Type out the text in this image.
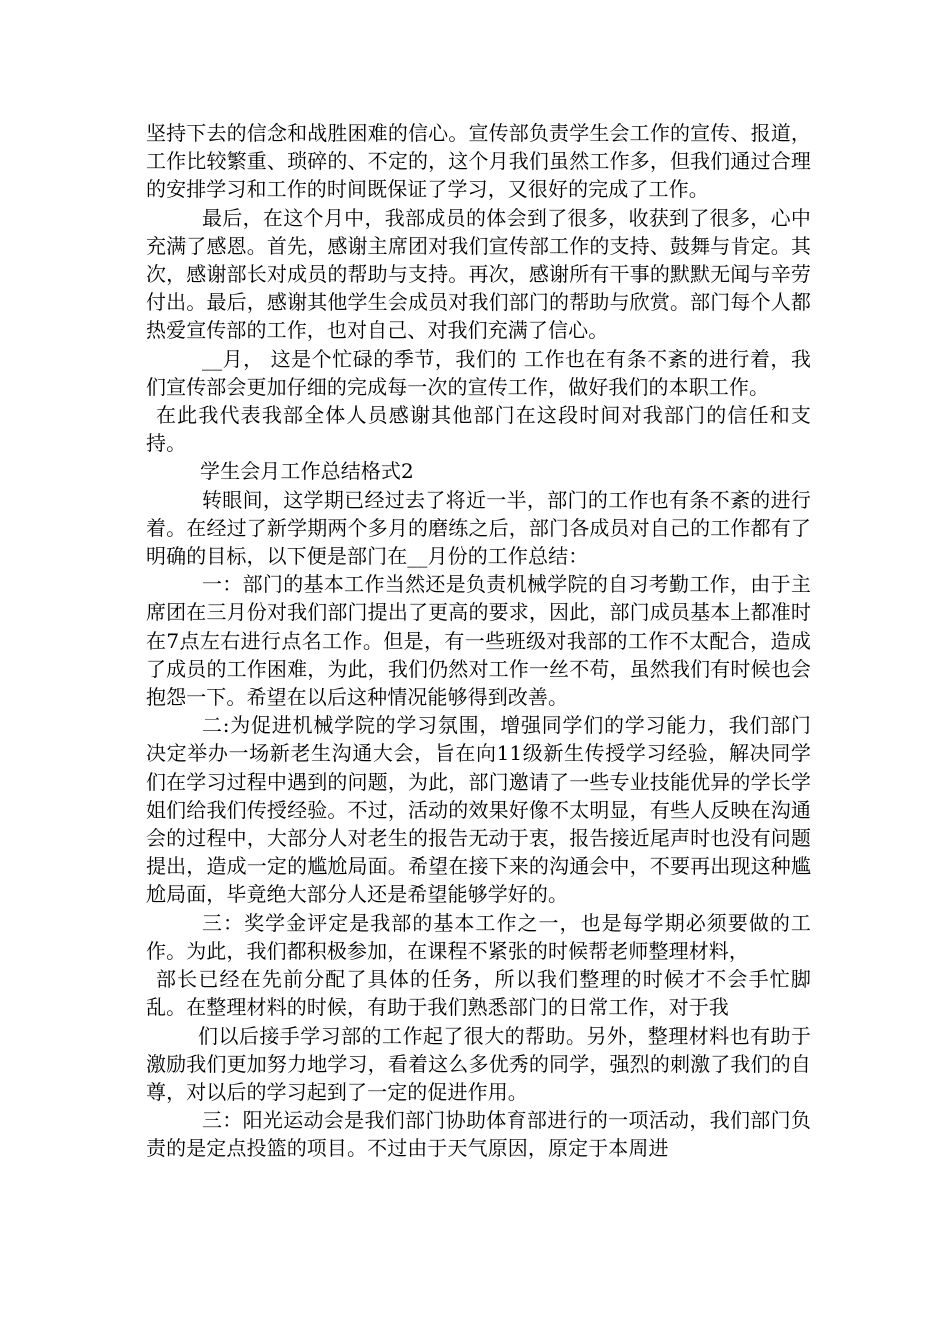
坚持下去的信念和战胜困难的信心。宣传部负责学生会工作的宣传、报道，工作比较繁重、琐碎的、不定的，这个月我们虽然工作多，但我们通过合理的安排学习和工作的时间既保证了学习，又很好的完成了工作。

最后，在这个月中，我部成员的体会到了很多，收获到了很多，心中充满了感恩。首先，感谢主席团对我们宣传部工作的支持、鼓舞与肯定。其次，感谢部长对成员的帮助与支持。再次，感谢所有干事的默默无闻与辛劳付出。最后，感谢其他学生会成员对我们部门的帮助与欣赏。部门每个人都热爱宣传部的工作，也对自己、对我们充满了信心。

__月， 这是个忙碌的季节，我们的 工作也在有条不紊的进行着，我们宣传部会更加仔细的完成每一次的宣传工作，做好我们的本职工作。

在此我代表我部全体人员感谢其他部门在这段时间对我部门的信任和支持。

学生会月工作总结格式2

转眼间，这学期已经过去了将近一半，部门的工作也有条不紊的进行着。在经过了新学期两个多月的磨练之后，部门各成员对自己的工作都有了明确的目标，以下便是部门在__月份的工作总结：

一：部门的基本工作当然还是负责机械学院的自习考勤工作，由于主席团在三月份对我们部门提出了更高的要求，因此，部门成员基本上都准时在7点左右进行点名工作。但是，有一些班级对我部的工作不太配合，造成了成员的工作困难，为此，我们仍然对工作一丝不苟，虽然我们有时候也会抱怨一下。希望在以后这种情况能够得到改善。

二:为促进机械学院的学习氛围，增强同学们的学习能力，我们部门决定举办一场新老生沟通大会，旨在向11级新生传授学习经验，解决同学们在学习过程中遇到的问题，为此，部门邀请了一些专业技能优异的学长学姐们给我们传授经验。不过，活动的效果好像不太明显，有些人反映在沟通会的过程中，大部分人对老生的报告无动于衷，报告接近尾声时也没有问题提出，造成一定的尴尬局面。希望在接下来的沟通会中，不要再出现这种尴尬局面，毕竟绝大部分人还是希望能够学好的。

三：奖学金评定是我部的基本工作之一，也是每学期必须要做的工作。为此，我们都积极参加，在课程不紧张的时候帮老师整理材料，

部长已经在先前分配了具体的任务，所以我们整理的时候才不会手忙脚乱。在整理材料的时候，有助于我们熟悉部门的日常工作，对于我

们以后接手学习部的工作起了很大的帮助。另外，整理材料也有助于激励我们更加努力地学习，看着这么多优秀的同学，强烈的刺激了我们的自尊，对以后的学习起到了一定的促进作用。

三：阳光运动会是我们部门协助体育部进行的一项活动，我们部门负责的是定点投篮的项目。不过由于天气原因，原定于本周进
